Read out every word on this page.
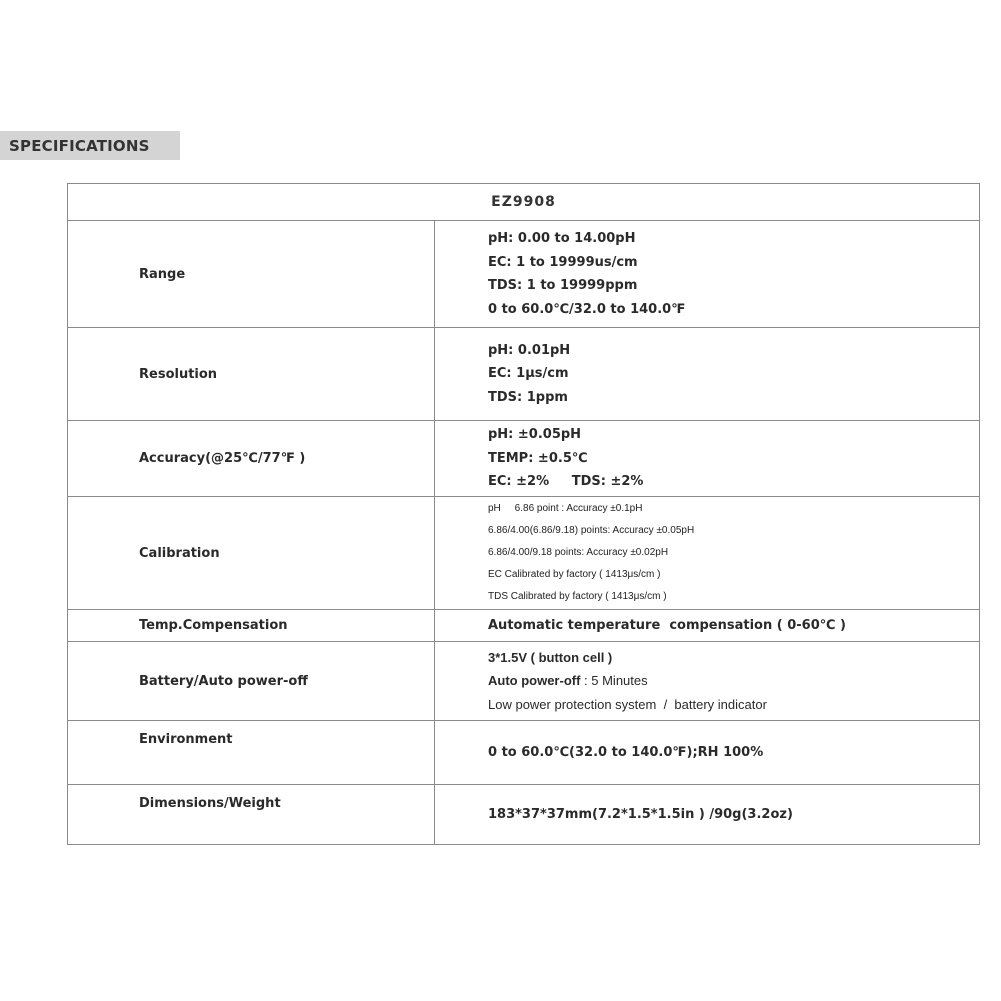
SPECIFICATIONS
EZ9908	
Range	pH: 0.00 to 14.00pH
EC: 1 to 19999us/cm
TDS: 1 to 19999ppm
0 to 60.0℃/32.0 to 140.0℉

Resolution	pH: 0.01pH
EC: 1μs/cm
TDS: 1ppm

Accuracy(@25℃/77℉ )	pH: ±0.05pH
TEMP: ±0.5℃
EC: ±2%     TDS: ±2%

Calibration	pH     6.86 point : Accuracy ±0.1pH
6.86/4.00(6.86/9.18) points: Accuracy ±0.05pH
6.86/4.00/9.18 points: Accuracy ±0.02pH
EC Calibrated by factory ( 1413μs/cm )
TDS Calibrated by factory ( 1413μs/cm )

Temp.Compensation	Automatic temperature  compensation ( 0-60℃ )

Battery/Auto power-off	3*1.5V ( button cell )
Auto power-off : 5 Minutes
Low power protection system  /  battery indicator

Environment	0 to 60.0℃(32.0 to 140.0℉);RH 100%

Dimensions/Weight	183*37*37mm(7.2*1.5*1.5in ) /90g(3.2oz)
